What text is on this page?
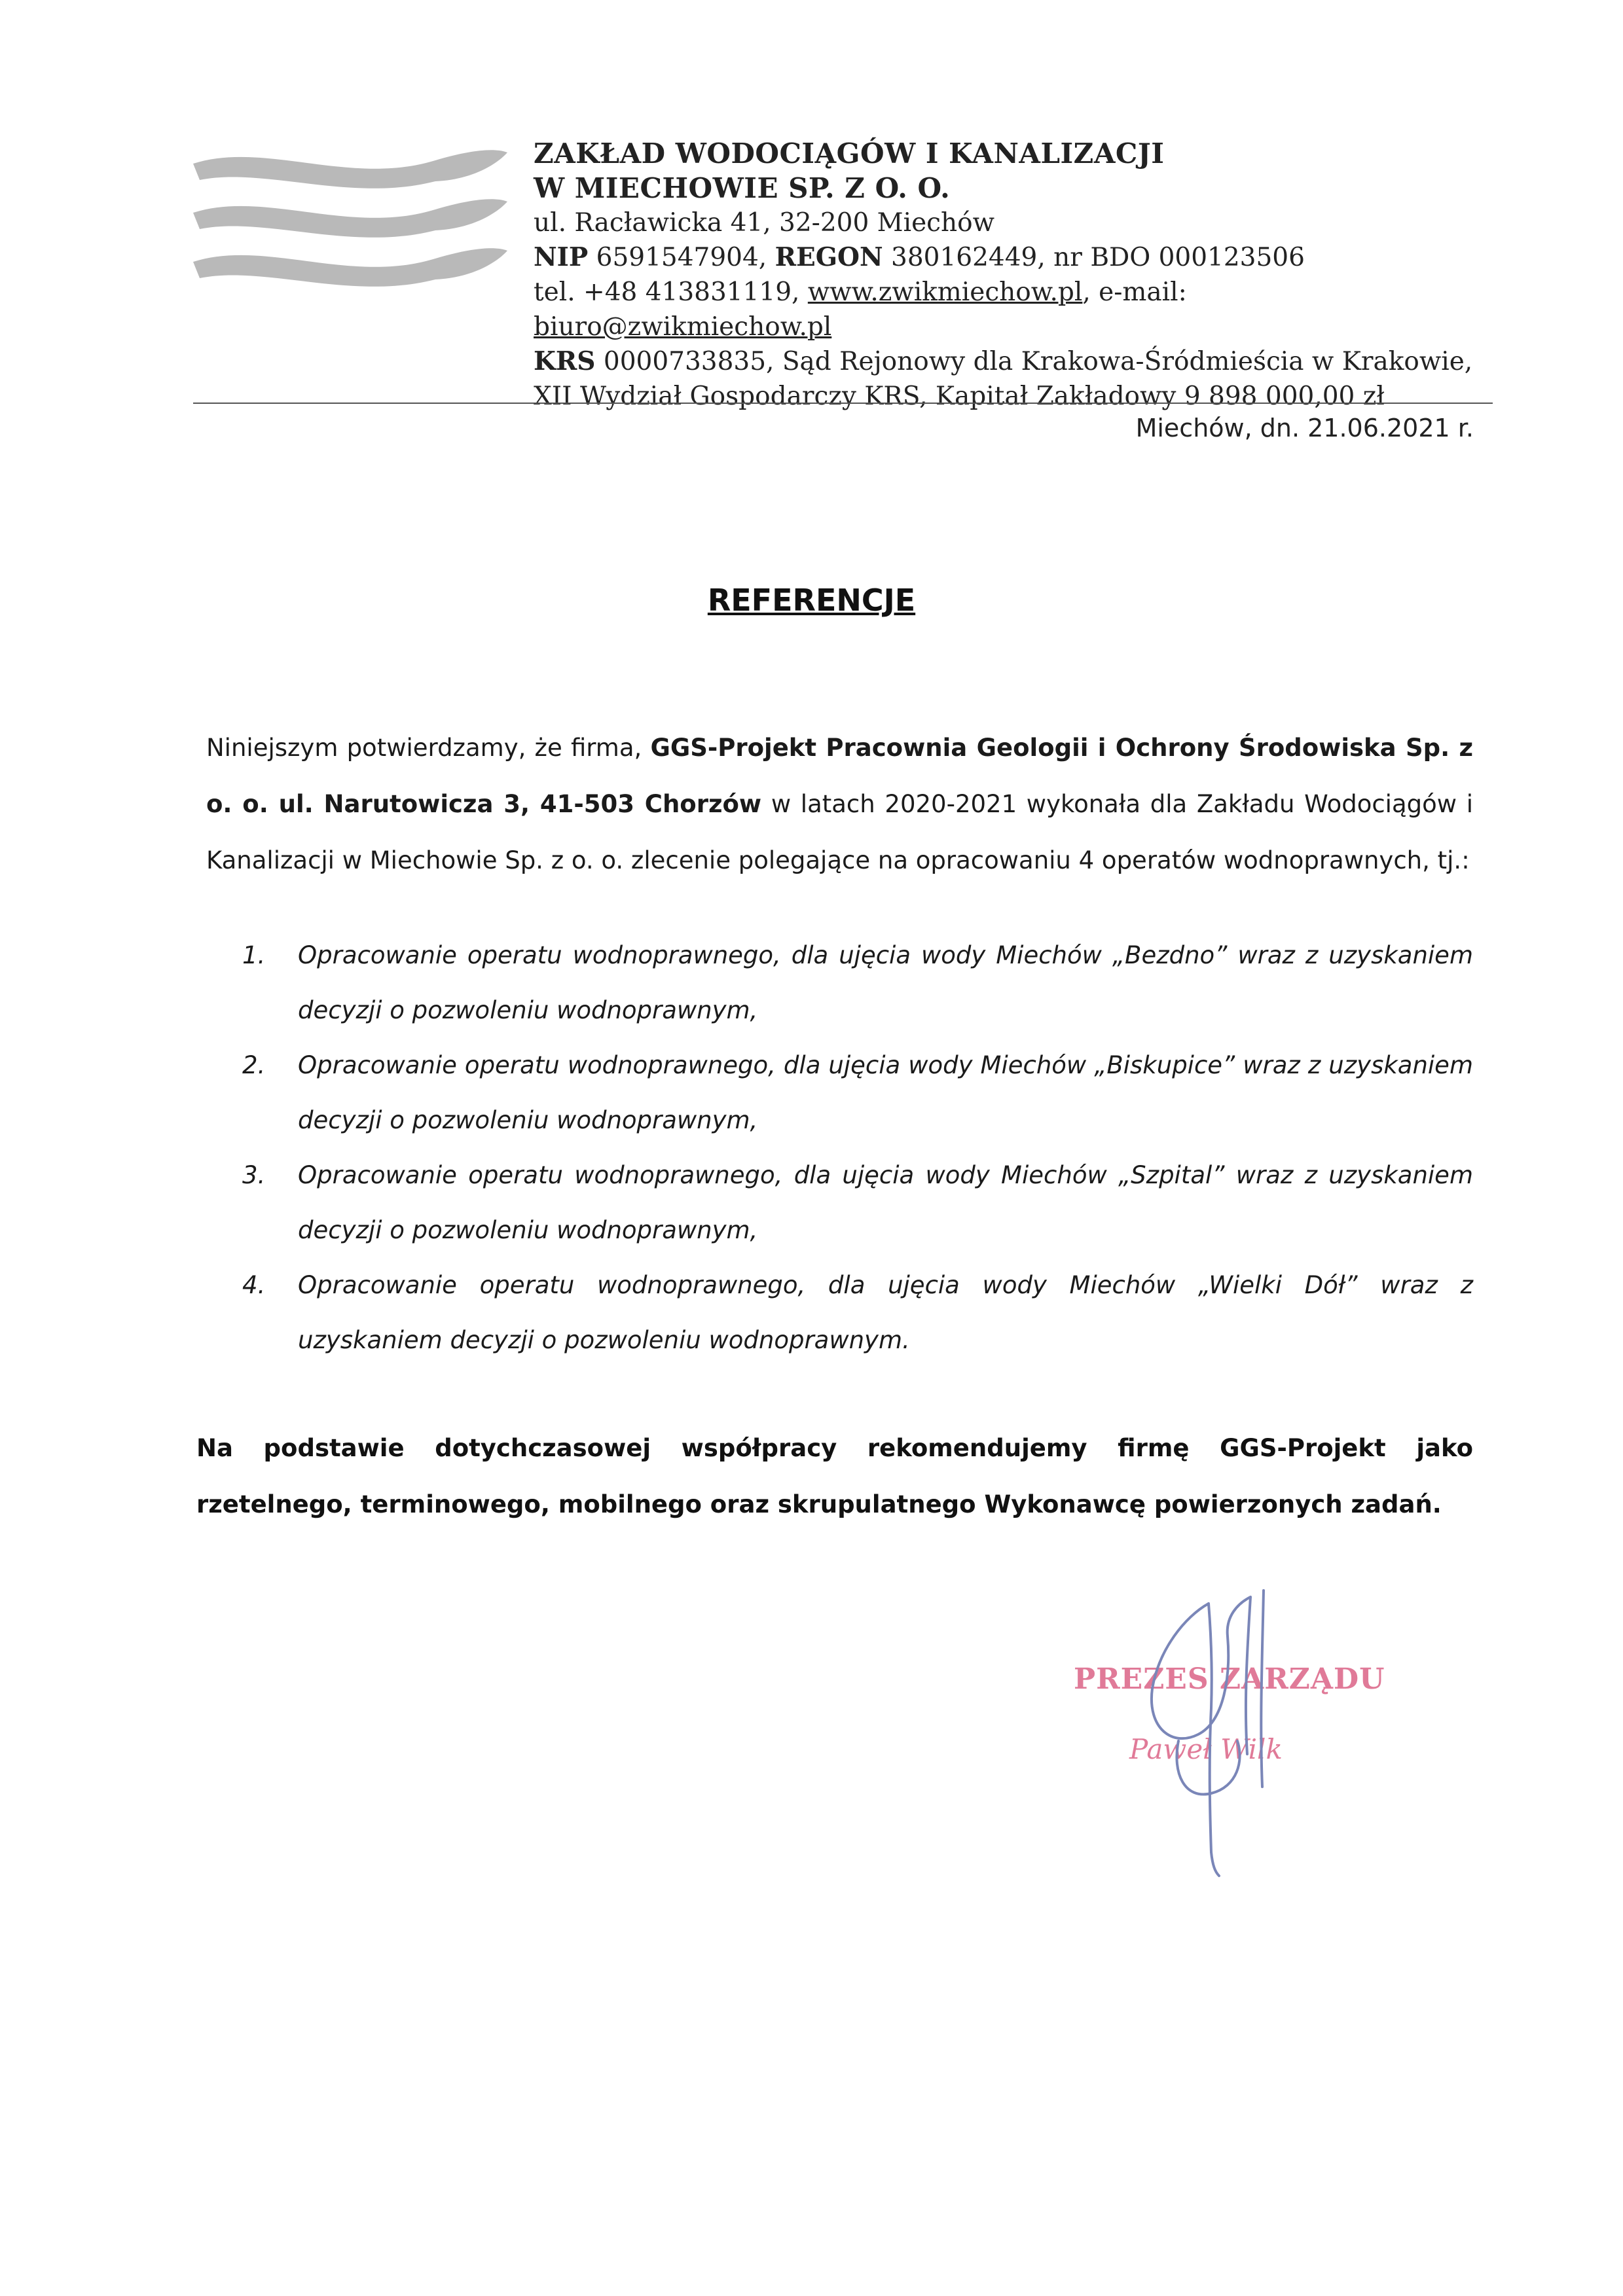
ZAKŁAD WODOCIĄGÓW I KANALIZACJI
W MIECHOWIE SP. Z O. O.
ul. Racławicka 41, 32-200 Miechów
NIP 6591547904, REGON 380162449, nr BDO 000123506
tel. +48 413831119, www.zwikmiechow.pl, e-mail: biuro@zwikmiechow.pl
KRS 0000733835, Sąd Rejonowy dla Krakowa-Śródmieścia w Krakowie,
XII Wydział Gospodarczy KRS, Kapitał Zakładowy 9 898 000,00 zł
Miechów, dn. 21.06.2021 r.
REFERENCJE
Niniejszym potwierdzamy, że firma, GGS-Projekt Pracownia Geologii i Ochrony Środowiska Sp. z o. o. ul. Narutowicza 3, 41-503 Chorzów w latach 2020-2021 wykonała dla Zakładu Wodociągów i Kanalizacji w Miechowie Sp. z o. o. zlecenie polegające na opracowaniu 4 operatów wodnoprawnych, tj.:
1. Opracowanie operatu wodnoprawnego, dla ujęcia wody Miechów „Bezdno” wraz z uzyskaniem decyzji o pozwoleniu wodnoprawnym,
2. Opracowanie operatu wodnoprawnego, dla ujęcia wody Miechów „Biskupice” wraz z uzyskaniem decyzji o pozwoleniu wodnoprawnym,
3. Opracowanie operatu wodnoprawnego, dla ujęcia wody Miechów „Szpital” wraz z uzyskaniem decyzji o pozwoleniu wodnoprawnym,
4. Opracowanie operatu wodnoprawnego, dla ujęcia wody Miechów „Wielki Dół” wraz z uzyskaniem decyzji o pozwoleniu wodnoprawnym.
Na podstawie dotychczasowej współpracy rekomendujemy firmę GGS-Projekt jako rzetelnego, terminowego, mobilnego oraz skrupulatnego Wykonawcę powierzonych zadań.
PREZES ZARZĄDU
Paweł Wilk
